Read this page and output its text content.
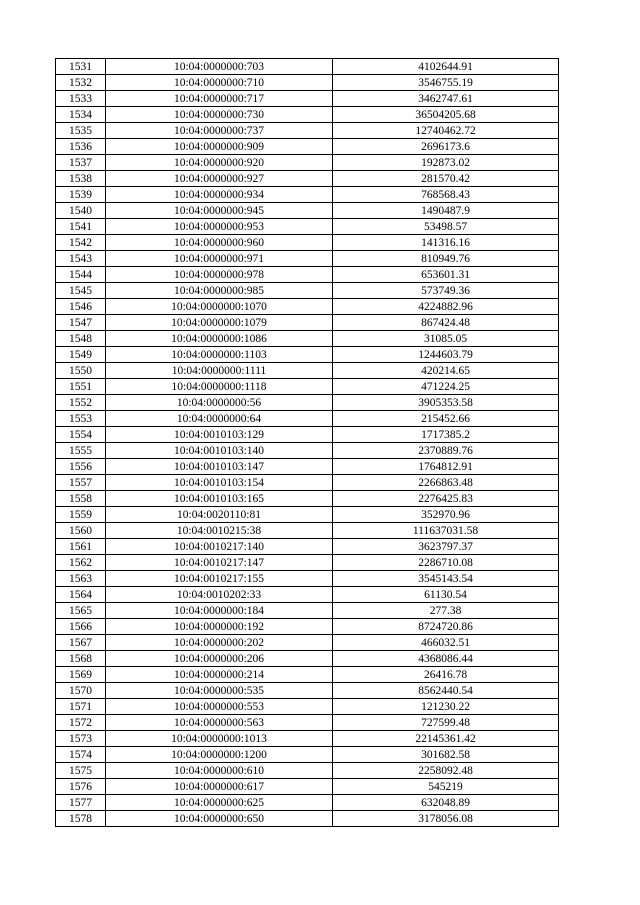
1531	10:04:0000000:703	4102644.91
1532	10:04:0000000:710	3546755.19
1533	10:04:0000000:717	3462747.61
1534	10:04:0000000:730	36504205.68
1535	10:04:0000000:737	12740462.72
1536	10:04:0000000:909	2696173.6
1537	10:04:0000000:920	192873.02
1538	10:04:0000000:927	281570.42
1539	10:04:0000000:934	768568.43
1540	10:04:0000000:945	1490487.9
1541	10:04:0000000:953	53498.57
1542	10:04:0000000:960	141316.16
1543	10:04:0000000:971	810949.76
1544	10:04:0000000:978	653601.31
1545	10:04:0000000:985	573749.36
1546	10:04:0000000:1070	4224882.96
1547	10:04:0000000:1079	867424.48
1548	10:04:0000000:1086	31085.05
1549	10:04:0000000:1103	1244603.79
1550	10:04:0000000:1111	420214.65
1551	10:04:0000000:1118	471224.25
1552	10:04:0000000:56	3905353.58
1553	10:04:0000000:64	215452.66
1554	10:04:0010103:129	1717385.2
1555	10:04:0010103:140	2370889.76
1556	10:04:0010103:147	1764812.91
1557	10:04:0010103:154	2266863.48
1558	10:04:0010103:165	2276425.83
1559	10:04:0020110:81	352970.96
1560	10:04:0010215:38	111637031.58
1561	10:04:0010217:140	3623797.37
1562	10:04:0010217:147	2286710.08
1563	10:04:0010217:155	3545143.54
1564	10:04:0010202:33	61130.54
1565	10:04:0000000:184	277.38
1566	10:04:0000000:192	8724720.86
1567	10:04:0000000:202	466032.51
1568	10:04:0000000:206	4368086.44
1569	10:04:0000000:214	26416.78
1570	10:04:0000000:535	8562440.54
1571	10:04:0000000:553	121230.22
1572	10:04:0000000:563	727599.48
1573	10:04:0000000:1013	22145361.42
1574	10:04:0000000:1200	301682.58
1575	10:04:0000000:610	2258092.48
1576	10:04:0000000:617	545219
1577	10:04:0000000:625	632048.89
1578	10:04:0000000:650	3178056.08
